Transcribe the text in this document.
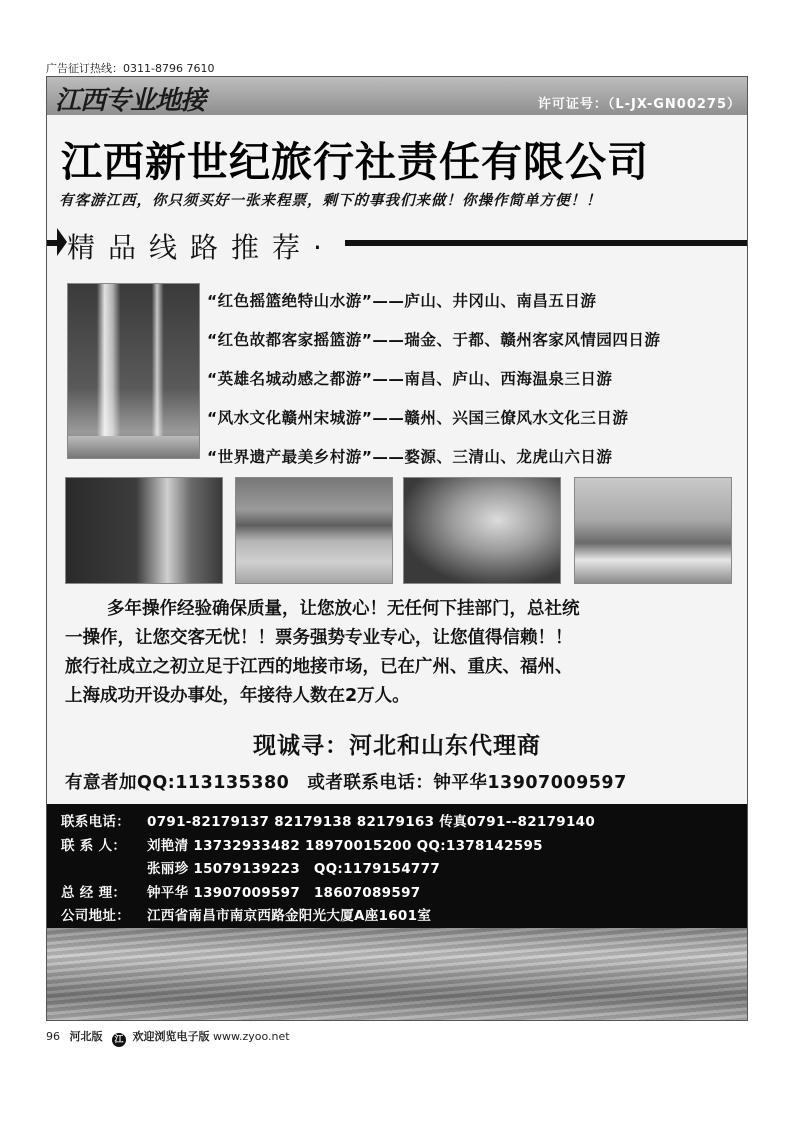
广告征订热线：0311-8796 7610
江西专业地接	许可证号：（L-JX-GN00275）
江西新世纪旅行社责任有限公司
有客游江西，你只须买好一张来程票，剩下的事我们来做！你操作简单方便！！
精品线路推荐·
“红色摇篮绝特山水游”——庐山、井冈山、南昌五日游
“红色故都客家摇篮游”——瑞金、于都、赣州客家风情园四日游
“英雄名城动感之都游”——南昌、庐山、西海温泉三日游
“风水文化赣州宋城游”——赣州、兴国三僚风水文化三日游
“世界遗产最美乡村游”——婺源、三清山、龙虎山六日游

多年操作经验确保质量，让您放心！无任何下挂部门，总社统

一操作，让您交客无忧！！票务强势专业专心，让您值得信赖！！

旅行社成立之初立足于江西的地接市场，已在广州、重庆、福州、

上海成功开设办事处，年接待人数在2万人。

现诚寻：河北和山东代理商
有意者加QQ:113135380　或者联系电话：钟平华13907009597
联系电话： 0791-82179137 82179138 82179163 传真0791--82179140
联 系 人： 刘艳清 13732933482 18970015200 QQ:1378142595
张丽珍 15079139223　QQ:1179154777
总 经 理： 钟平华 13907009597　18607089597
公司地址： 江西省南昌市南京西路金阳光大厦A座1601室
96 河北版 江 欢迎浏览电子版 www.zyoo.net
